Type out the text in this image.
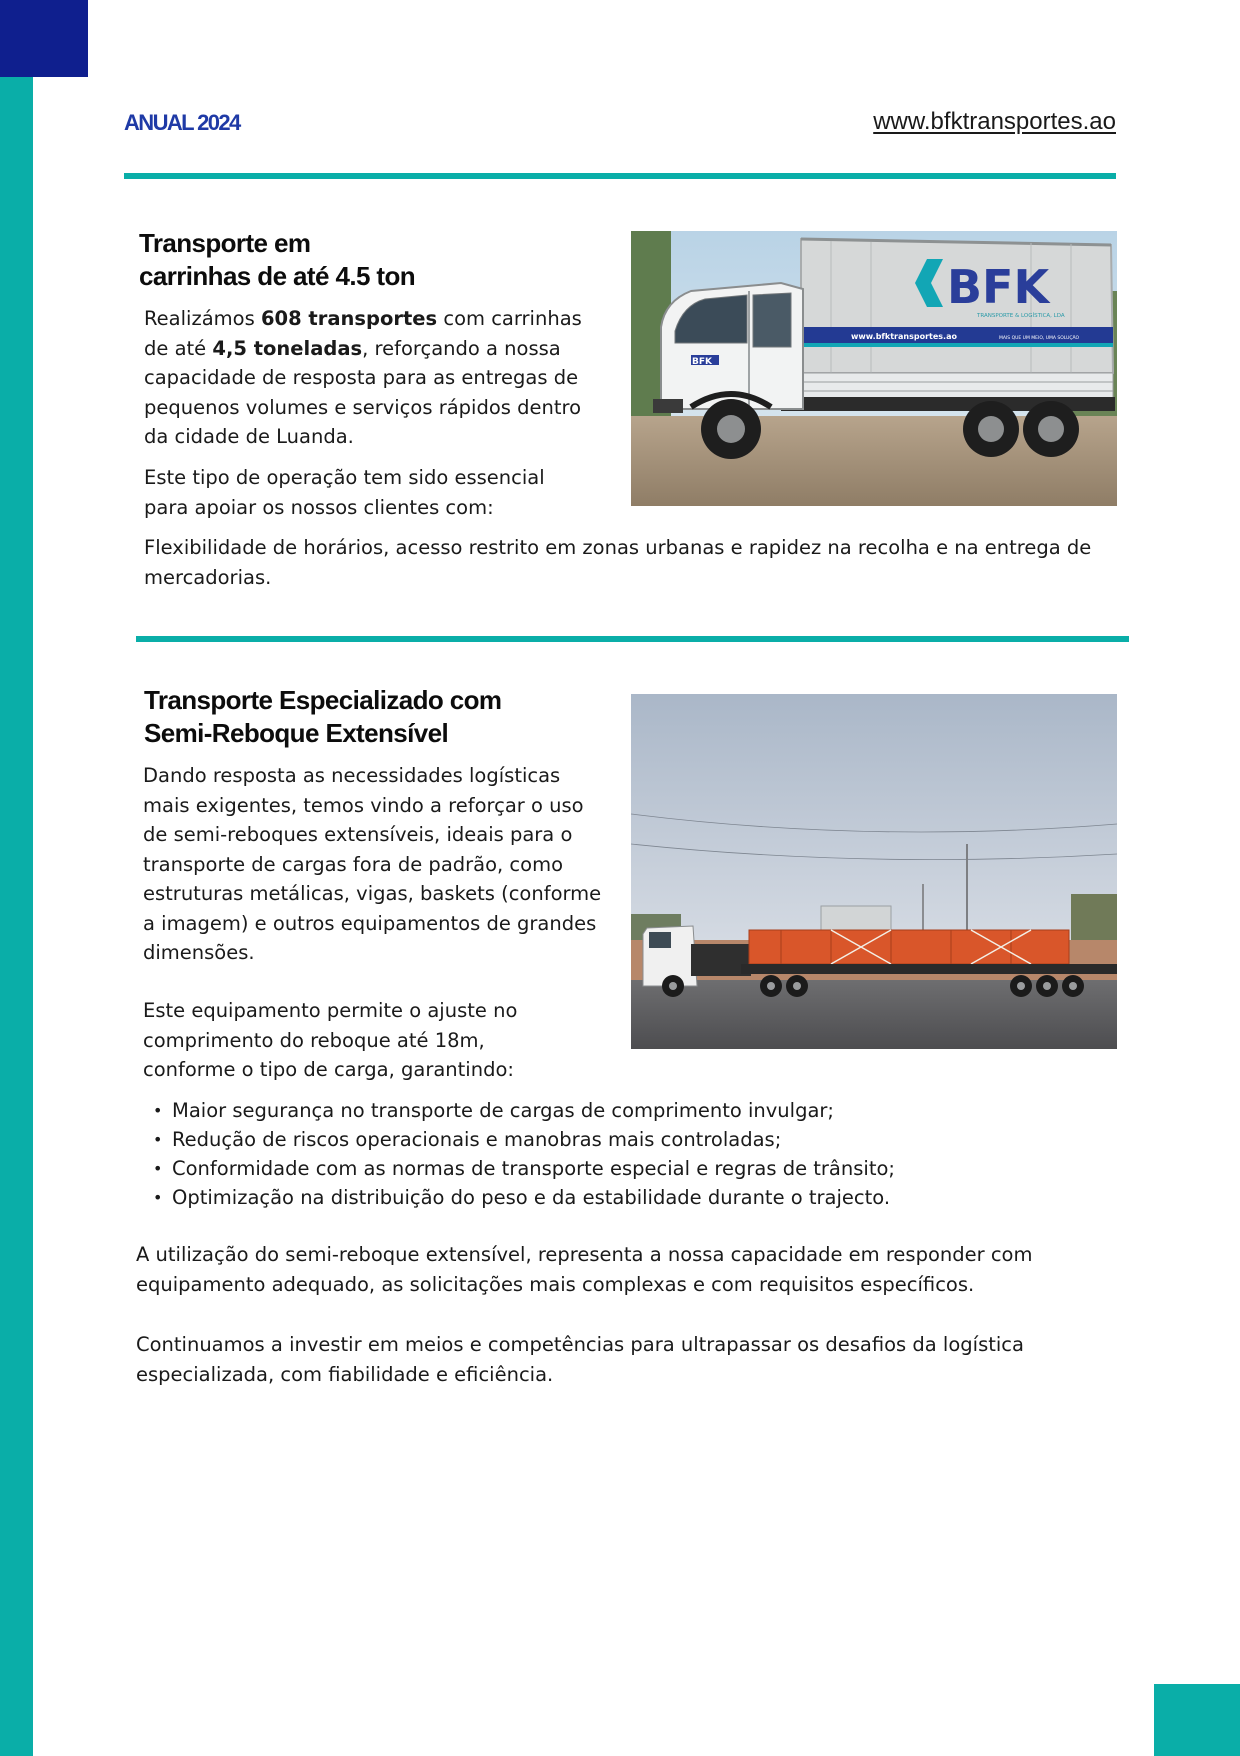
ANUAL 2024	www.bfktransportes.ao
Transporte em
carrinhas de até 4.5 ton

Realizámos 608 transportes com carrinhas de até 4,5 toneladas, reforçando a nossa capacidade de resposta para as entregas de pequenos volumes e serviços rápidos dentro da cidade de Luanda.

Este tipo de operação tem sido essencial para apoiar os nossos clientes com:

Flexibilidade de horários, acesso restrito em zonas urbanas e rapidez na recolha e na entrega de mercadorias.

BFK
TRANSPORTE & LOGÍSTICA, LDA
www.bfktransportes.ao	MAIS QUE UM MEIO, UMA SOLUÇÃO
BFK
Transporte Especializado com
Semi-Reboque Extensível

Dando resposta as necessidades logísticas mais exigentes, temos vindo a reforçar o uso de semi-reboques extensíveis, ideais para o transporte de cargas fora de padrão, como estruturas metálicas, vigas, baskets (conforme a imagem) e outros equipamentos de grandes dimensões.

Este equipamento permite o ajuste no comprimento do reboque até 18m, conforme o tipo de carga, garantindo:

• Maior segurança no transporte de cargas de comprimento invulgar;
• Redução de riscos operacionais e manobras mais controladas;
• Conformidade com as normas de transporte especial e regras de trânsito;
• Optimização na distribuição do peso e da estabilidade durante o trajecto.

A utilização do semi-reboque extensível, representa a nossa capacidade em responder com equipamento adequado, as solicitações mais complexas e com requisitos específicos.

Continuamos a investir em meios e competências para ultrapassar os desafios da logística especializada, com fiabilidade e eficiência.
